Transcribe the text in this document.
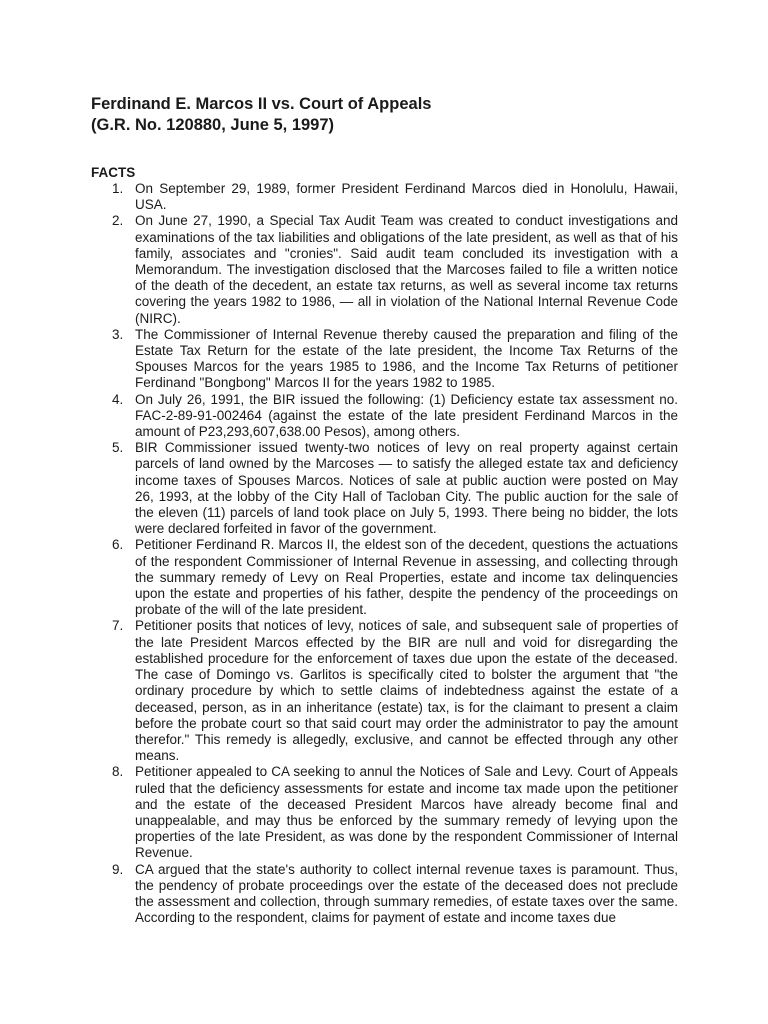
Ferdinand E. Marcos II vs. Court of Appeals
(G.R. No. 120880, June 5, 1997)
FACTS
1. On September 29, 1989, former President Ferdinand Marcos died in Honolulu, Hawaii, USA.
2. On June 27, 1990, a Special Tax Audit Team was created to conduct investigations and examinations of the tax liabilities and obligations of the late president, as well as that of his family, associates and "cronies". Said audit team concluded its investigation with a Memorandum. The investigation disclosed that the Marcoses failed to file a written notice of the death of the decedent, an estate tax returns, as well as several income tax returns covering the years 1982 to 1986, — all in violation of the National Internal Revenue Code (NIRC).
3. The Commissioner of Internal Revenue thereby caused the preparation and filing of the Estate Tax Return for the estate of the late president, the Income Tax Returns of the Spouses Marcos for the years 1985 to 1986, and the Income Tax Returns of petitioner Ferdinand "Bongbong" Marcos II for the years 1982 to 1985.
4. On July 26, 1991, the BIR issued the following: (1) Deficiency estate tax assessment no. FAC-2-89-91-002464 (against the estate of the late president Ferdinand Marcos in the amount of P23,293,607,638.00 Pesos), among others.
5. BIR Commissioner issued twenty-two notices of levy on real property against certain parcels of land owned by the Marcoses — to satisfy the alleged estate tax and deficiency income taxes of Spouses Marcos. Notices of sale at public auction were posted on May 26, 1993, at the lobby of the City Hall of Tacloban City. The public auction for the sale of the eleven (11) parcels of land took place on July 5, 1993. There being no bidder, the lots were declared forfeited in favor of the government.
6. Petitioner Ferdinand R. Marcos II, the eldest son of the decedent, questions the actuations of the respondent Commissioner of Internal Revenue in assessing, and collecting through the summary remedy of Levy on Real Properties, estate and income tax delinquencies upon the estate and properties of his father, despite the pendency of the proceedings on probate of the will of the late president.
7. Petitioner posits that notices of levy, notices of sale, and subsequent sale of properties of the late President Marcos effected by the BIR are null and void for disregarding the established procedure for the enforcement of taxes due upon the estate of the deceased. The case of Domingo vs. Garlitos is specifically cited to bolster the argument that "the ordinary procedure by which to settle claims of indebtedness against the estate of a deceased, person, as in an inheritance (estate) tax, is for the claimant to present a claim before the probate court so that said court may order the administrator to pay the amount therefor." This remedy is allegedly, exclusive, and cannot be effected through any other means.
8. Petitioner appealed to CA seeking to annul the Notices of Sale and Levy. Court of Appeals ruled that the deficiency assessments for estate and income tax made upon the petitioner and the estate of the deceased President Marcos have already become final and unappealable, and may thus be enforced by the summary remedy of levying upon the properties of the late President, as was done by the respondent Commissioner of Internal Revenue.
9. CA argued that the state's authority to collect internal revenue taxes is paramount. Thus, the pendency of probate proceedings over the estate of the deceased does not preclude the assessment and collection, through summary remedies, of estate taxes over the same. According to the respondent, claims for payment of estate and income taxes due
